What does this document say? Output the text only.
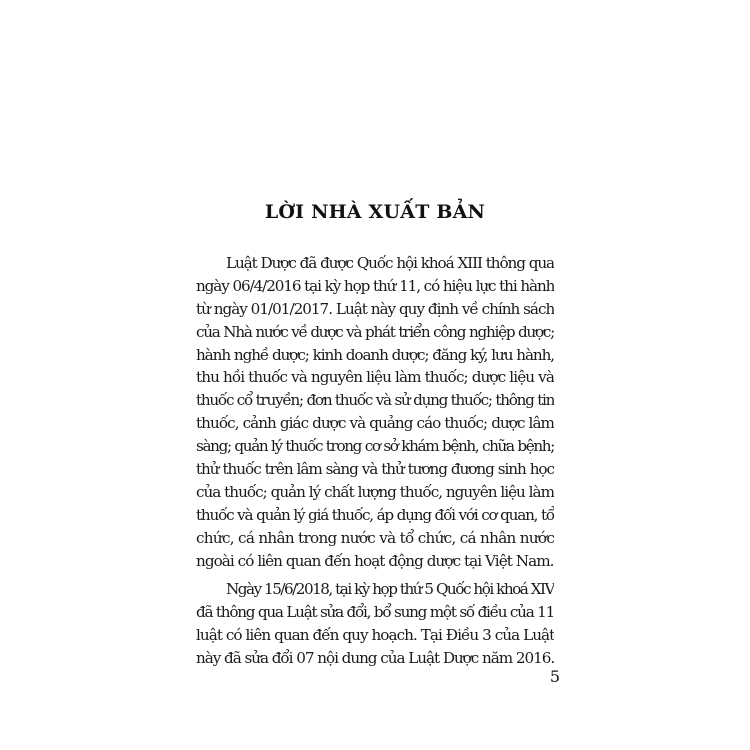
LỜI NHÀ XUẤT BẢN
Luật Dược đã được Quốc hội khoá XIII thông qua
ngày 06/4/2016 tại kỳ họp thứ 11, có hiệu lực thi hành
từ ngày 01/01/2017. Luật này quy định về chính sách
của Nhà nước về dược và phát triển công nghiệp dược;
hành nghề dược; kinh doanh dược; đăng ký, lưu hành,
thu hồi thuốc và nguyên liệu làm thuốc; dược liệu và
thuốc cổ truyền; đơn thuốc và sử dụng thuốc; thông tin
thuốc, cảnh giác dược và quảng cáo thuốc; dược lâm
sàng; quản lý thuốc trong cơ sở khám bệnh, chữa bệnh;
thử thuốc trên lâm sàng và thử tương đương sinh học
của thuốc; quản lý chất lượng thuốc, nguyên liệu làm
thuốc và quản lý giá thuốc, áp dụng đối với cơ quan, tổ
chức, cá nhân trong nước và tổ chức, cá nhân nước
ngoài có liên quan đến hoạt động dược tại Việt Nam.
Ngày 15/6/2018, tại kỳ họp thứ 5 Quốc hội khoá XIV
đã thông qua Luật sửa đổi, bổ sung một số điều của 11
luật có liên quan đến quy hoạch. Tại Điều 3 của Luật
này đã sửa đổi 07 nội dung của Luật Dược năm 2016.
5
